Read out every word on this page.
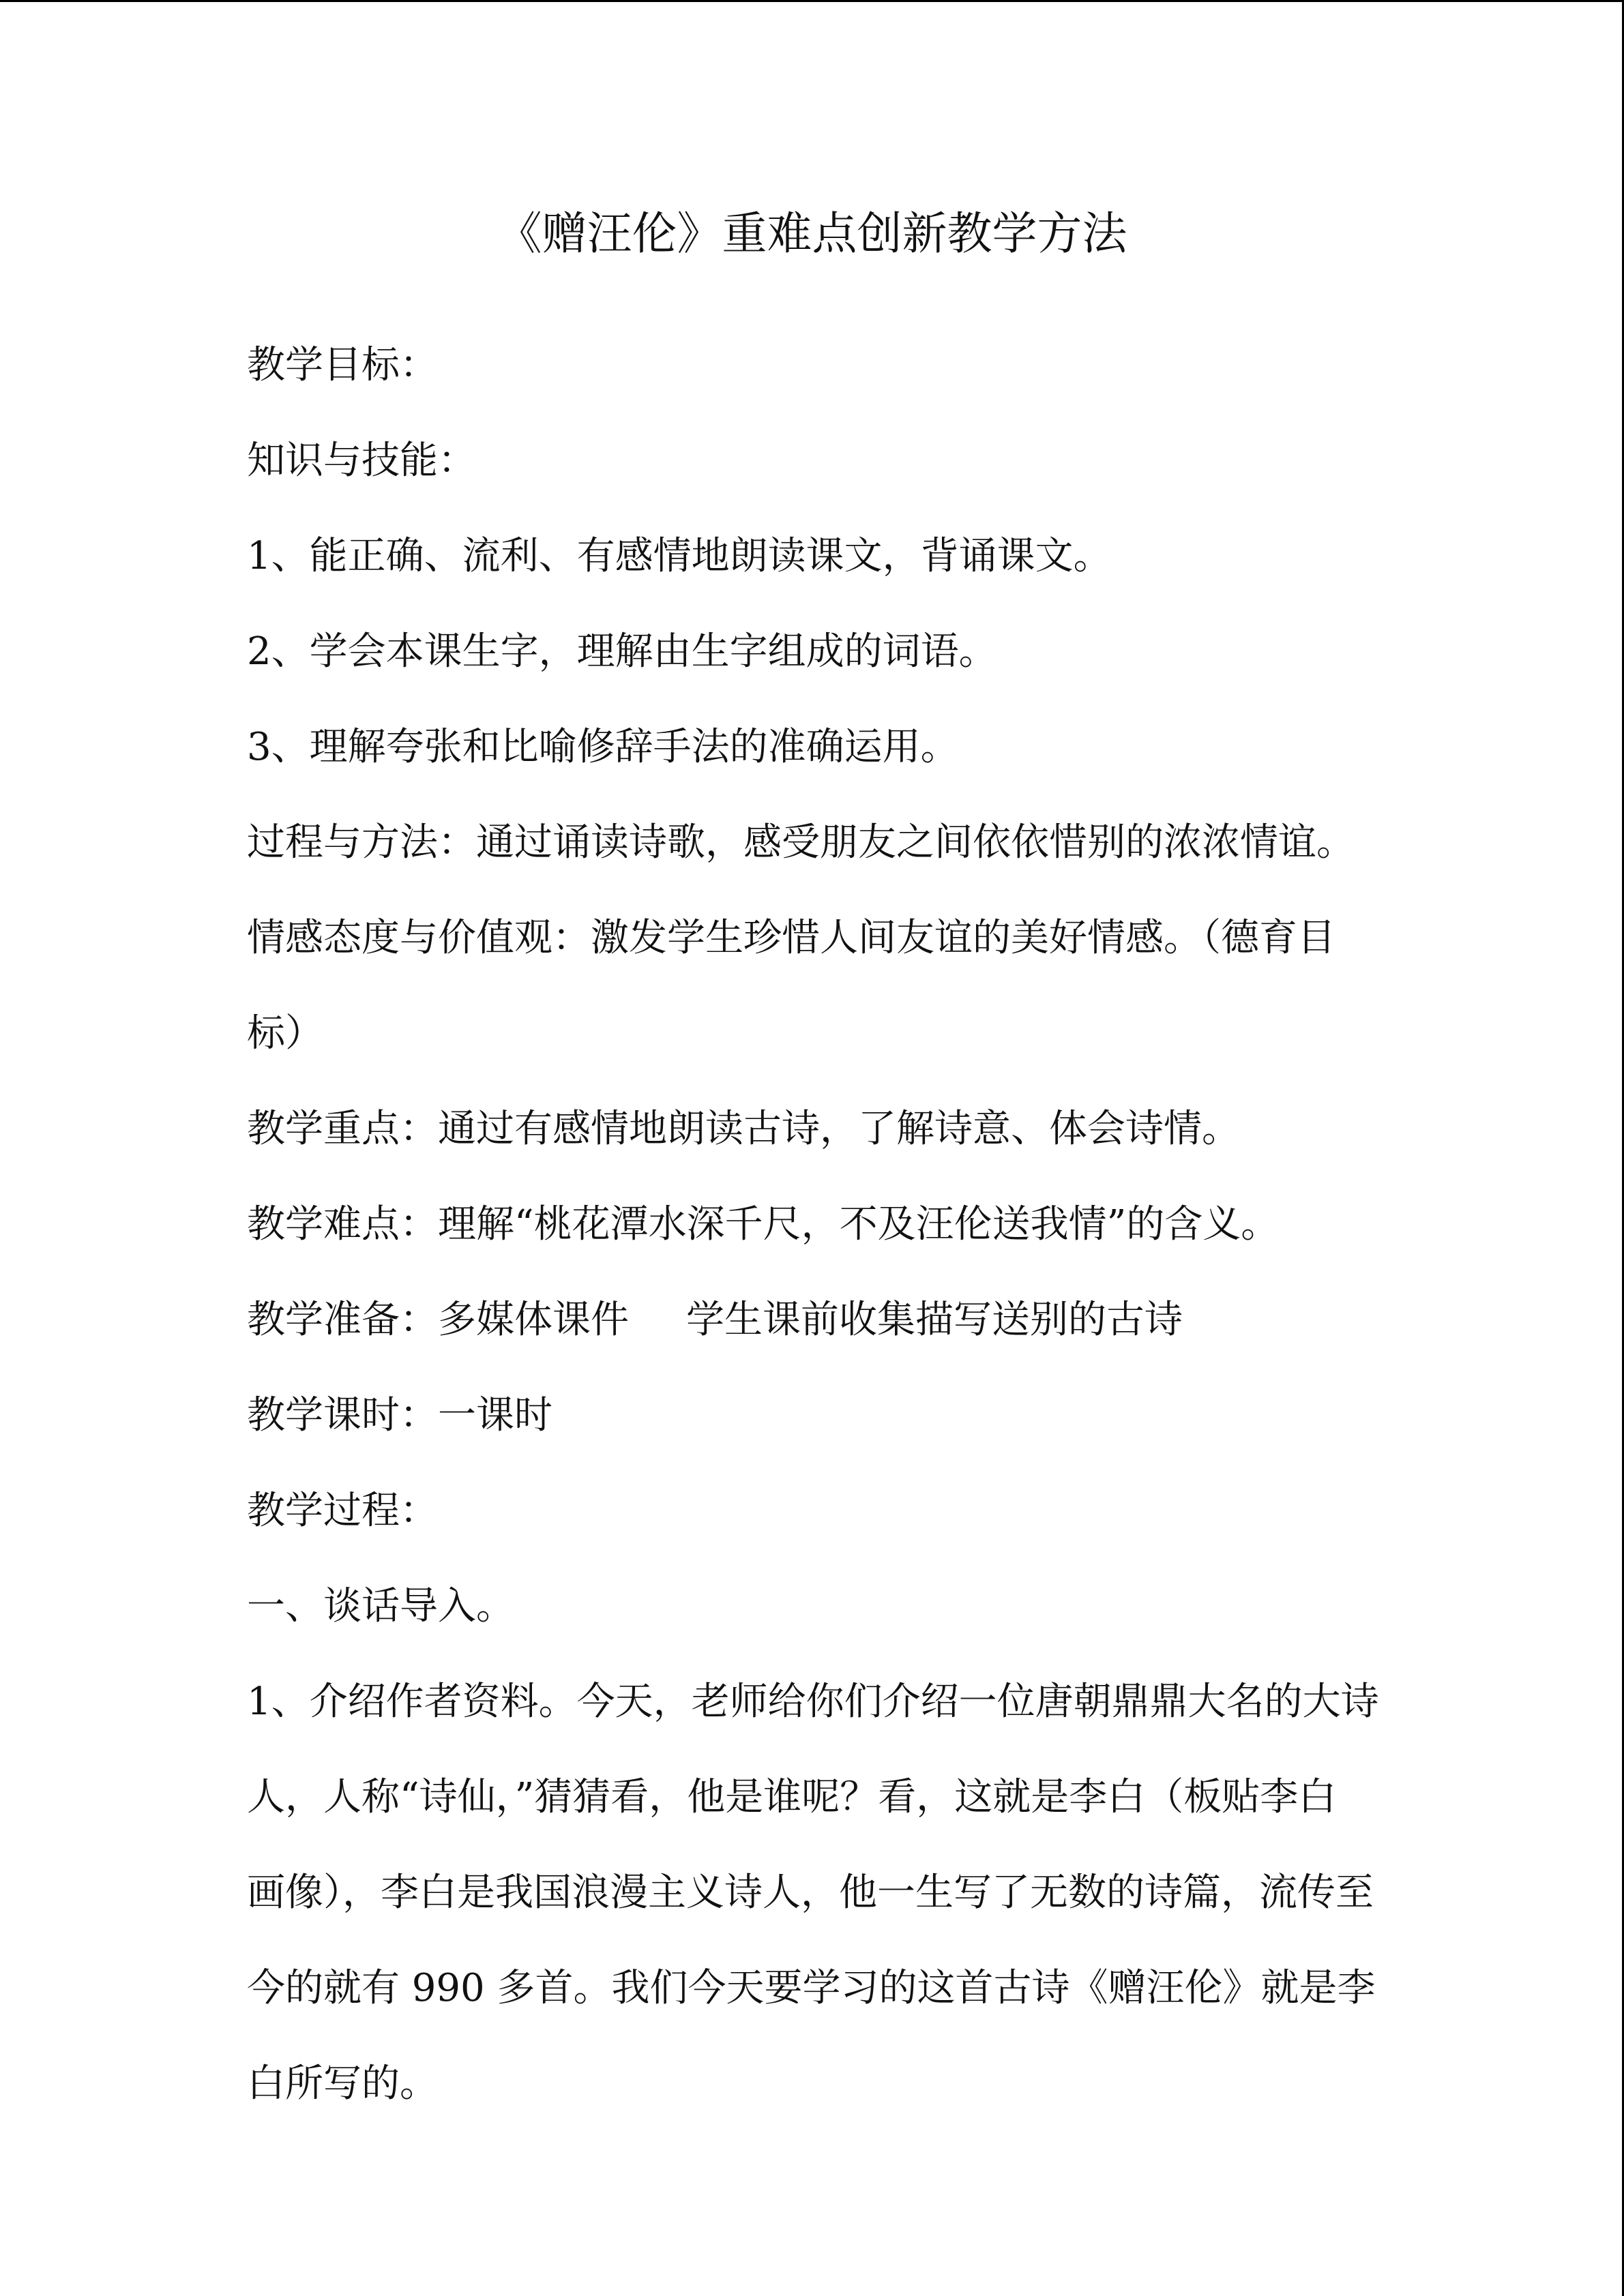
《赠汪伦》重难点创新教学方法
教学目标：
知识与技能：
1、能正确、流利、有感情地朗读课文，背诵课文。
2、学会本课生字，理解由生字组成的词语。
3、理解夸张和比喻修辞手法的准确运用。
过程与方法：通过诵读诗歌，感受朋友之间依依惜别的浓浓情谊。
情感态度与价值观：激发学生珍惜人间友谊的美好情感。（德育目
标）
教学重点：通过有感情地朗读古诗，了解诗意、体会诗情。
教学难点：理解“桃花潭水深千尺，不及汪伦送我情”的含义。
教学准备：多媒体课件 学生课前收集描写送别的古诗
教学课时：一课时
教学过程：
一、谈话导入。
1、介绍作者资料。今天，老师给你们介绍一位唐朝鼎鼎大名的大诗
人，人称“诗仙，”猜猜看，他是谁呢？看，这就是李白（板贴李白
画像），李白是我国浪漫主义诗人，他一生写了无数的诗篇，流传至
今的就有 990 多首。我们今天要学习的这首古诗《赠汪伦》就是李
白所写的。
